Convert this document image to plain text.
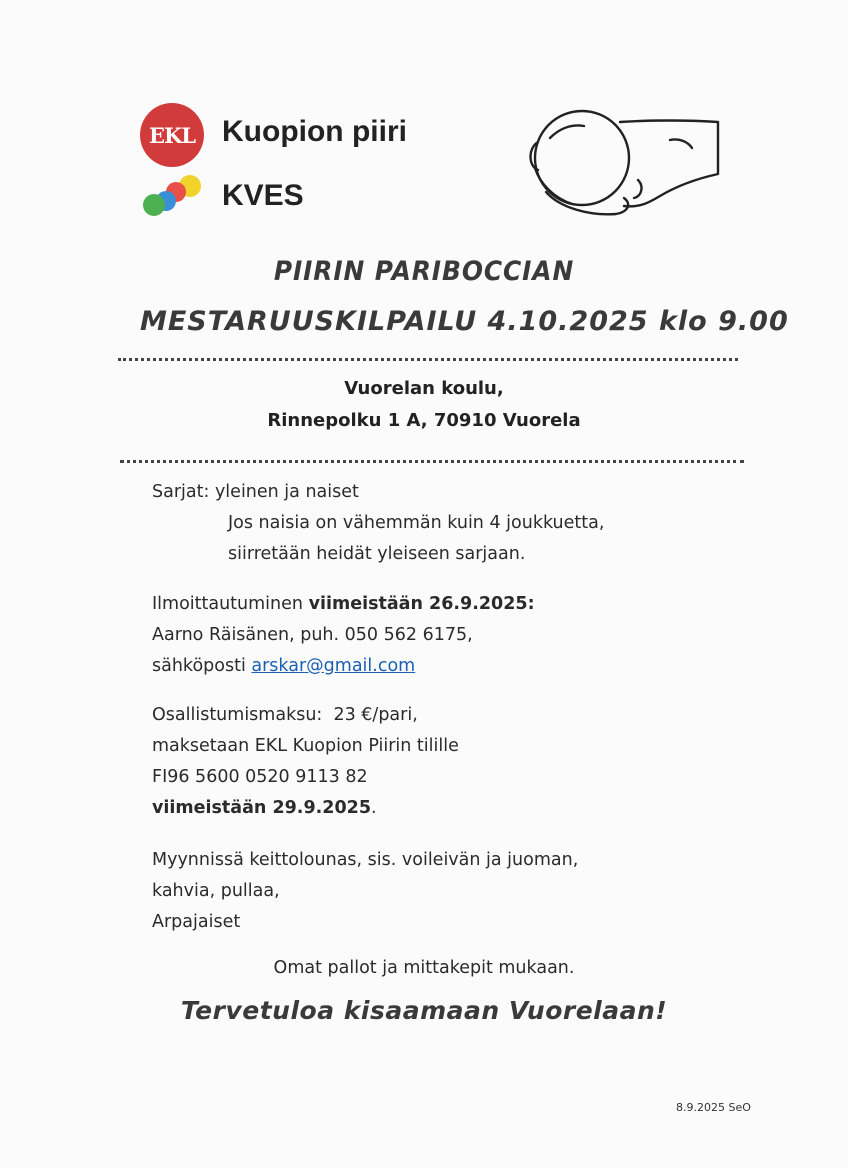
EKL Kuopion piiri
KVES
PIIRIN PARIBOCCIAN
MESTARUUSKILPAILU 4.10.2025 klo 9.00
Vuorelan koulu,
Rinnepolku 1 A, 70910 Vuorela
Sarjat: yleinen ja naiset
Jos naisia on vähemmän kuin 4 joukkuetta,
siirretään heidät yleiseen sarjaan.
Ilmoittautuminen viimeistään 26.9.2025:
Aarno Räisänen, puh. 050 562 6175,
sähköposti arskar@gmail.com
Osallistumismaksu: 23 €/pari,
maksetaan EKL Kuopion Piirin tilille
FI96 5600 0520 9113 82
viimeistään 29.9.2025.
Myynnissä keittolounas, sis. voileivän ja juoman,
kahvia, pullaa,
Arpajaiset
Omat pallot ja mittakepit mukaan.
Tervetuloa kisaamaan Vuorelaan!
8.9.2025 SeO
